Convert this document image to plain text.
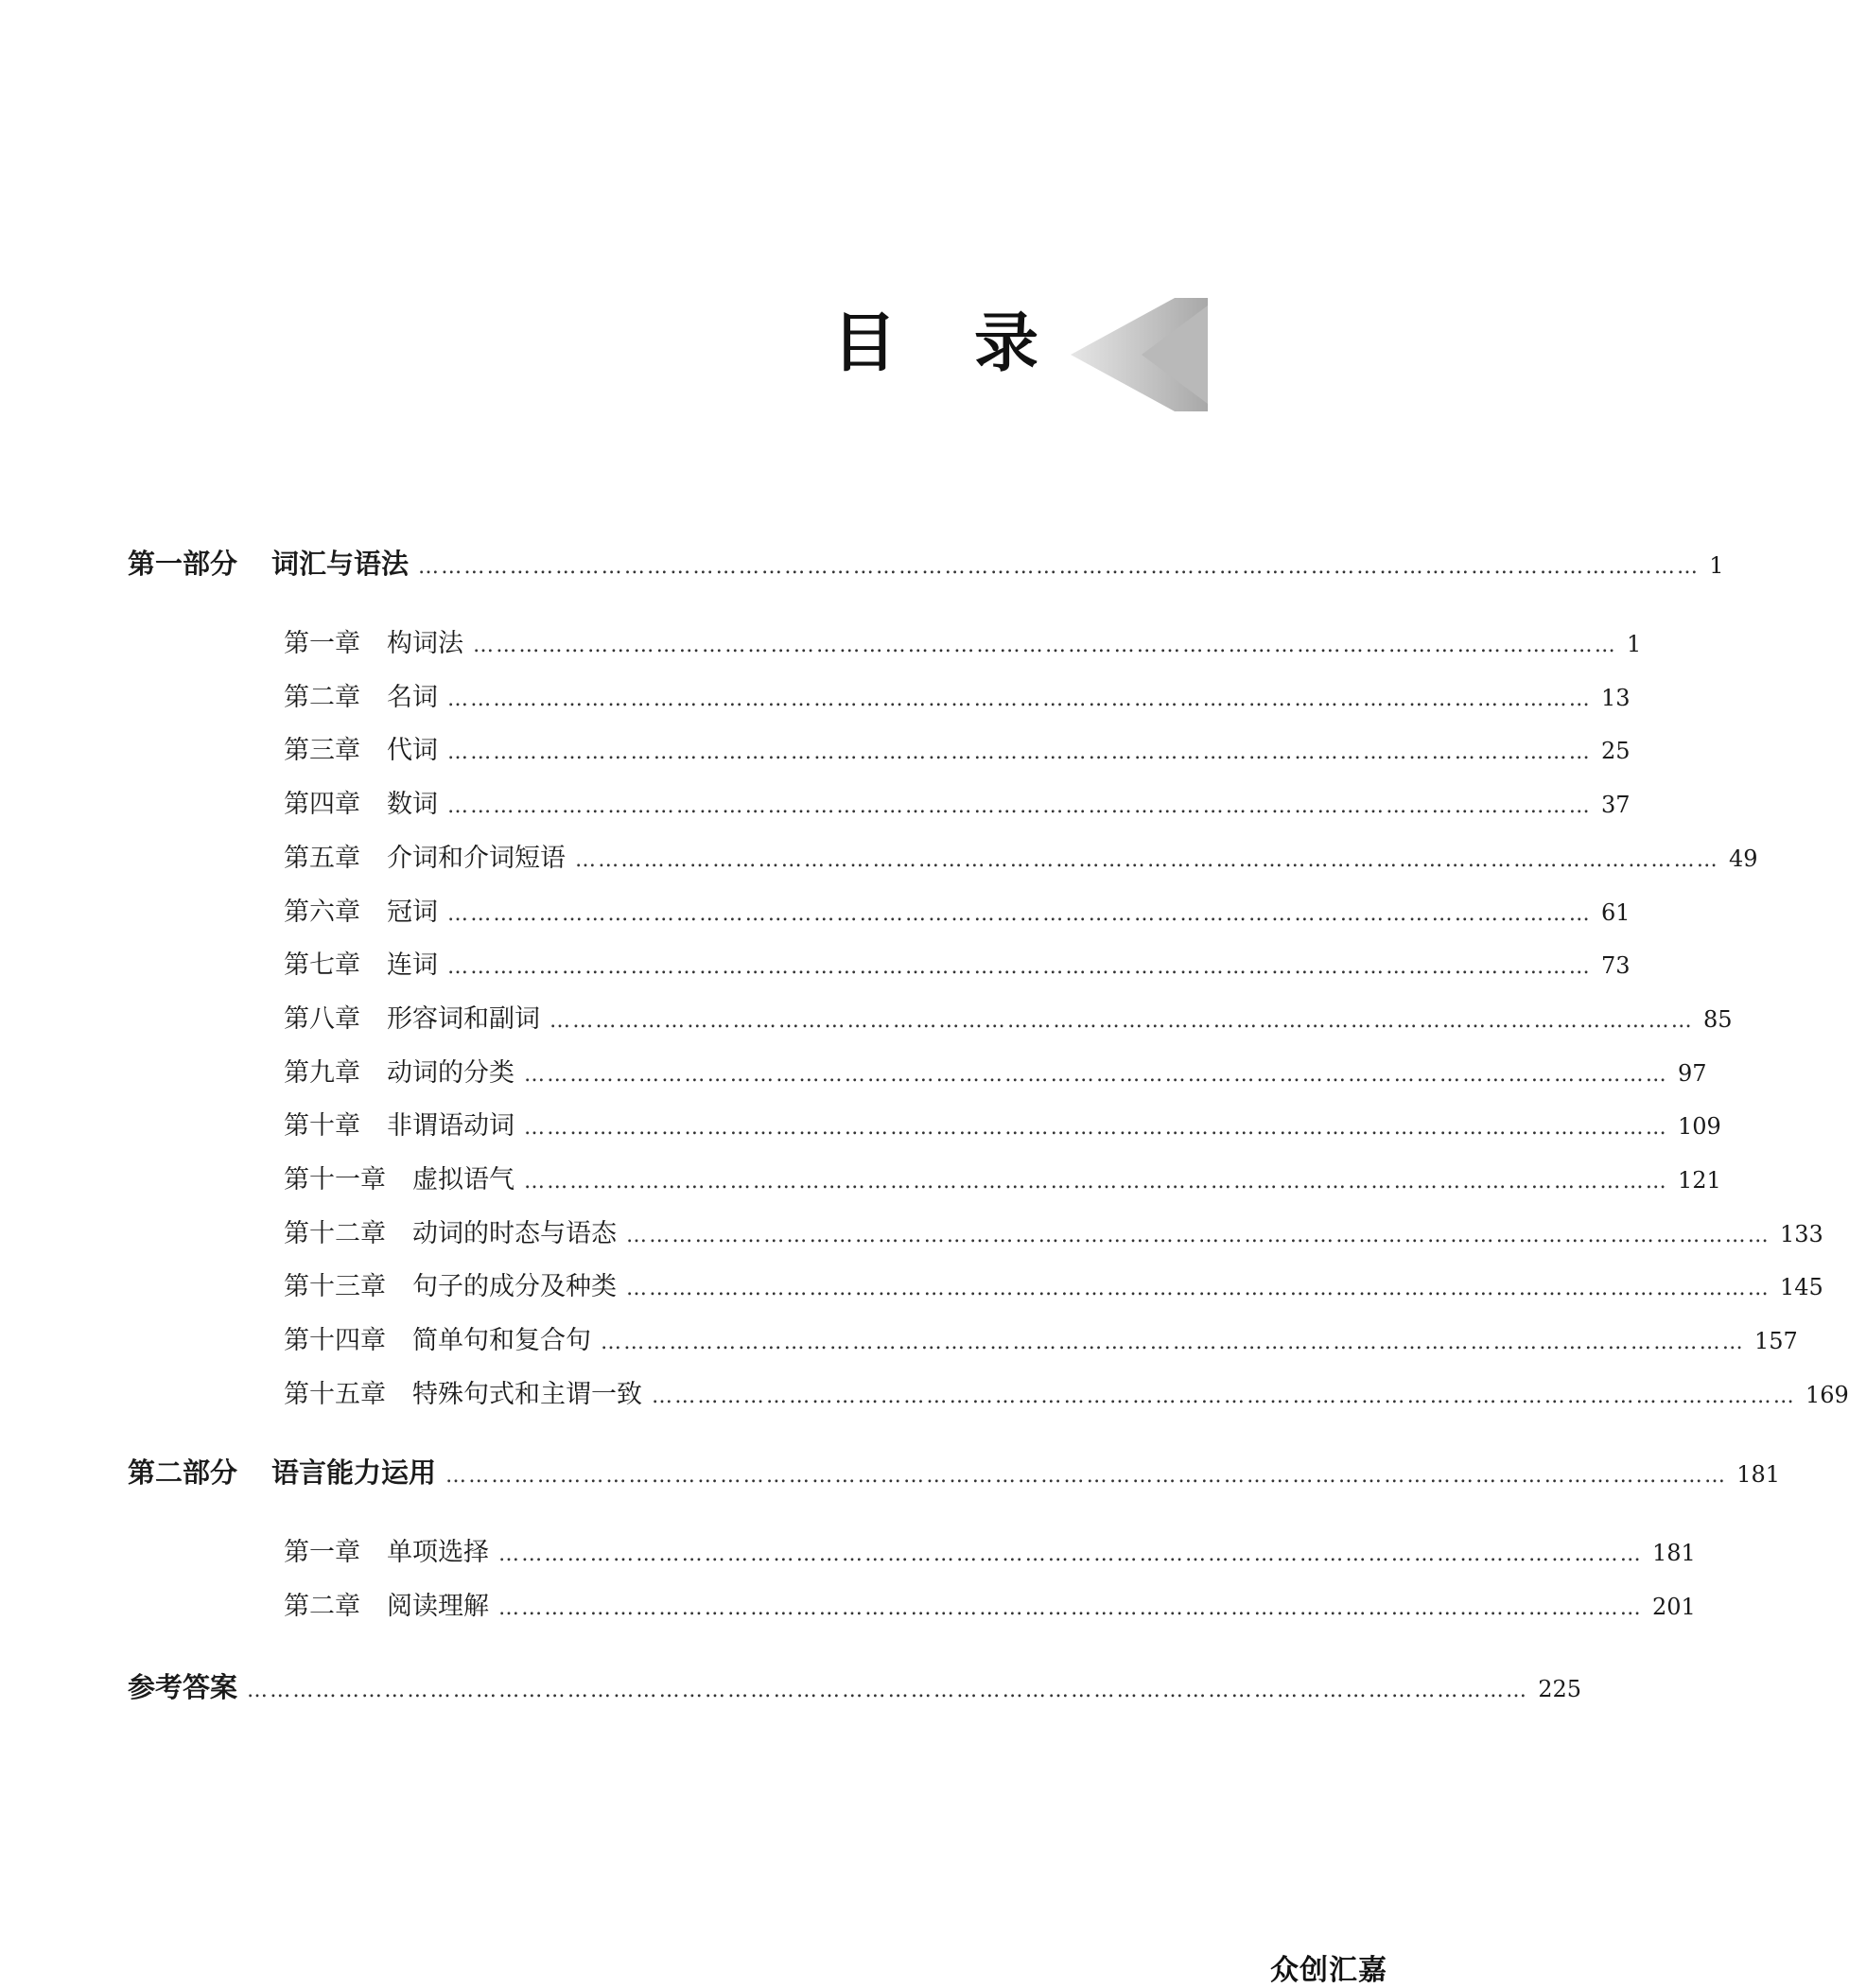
目 录
第一部分 词汇与语法 …………………………………………………………………………………………………………………………………………………… 1
第一章 构词法 …………………………………………………………………………………………………………………………………… 1
第二章 名词 …………………………………………………………………………………………………………………………………… 13
第三章 代词 …………………………………………………………………………………………………………………………………… 25
第四章 数词 …………………………………………………………………………………………………………………………………… 37
第五章 介词和介词短语 …………………………………………………………………………………………………………………………………… 49
第六章 冠词 …………………………………………………………………………………………………………………………………… 61
第七章 连词 …………………………………………………………………………………………………………………………………… 73
第八章 形容词和副词 …………………………………………………………………………………………………………………………………… 85
第九章 动词的分类 …………………………………………………………………………………………………………………………………… 97
第十章 非谓语动词 …………………………………………………………………………………………………………………………………… 109
第十一章 虚拟语气 …………………………………………………………………………………………………………………………………… 121
第十二章 动词的时态与语态 …………………………………………………………………………………………………………………………………… 133
第十三章 句子的成分及种类 …………………………………………………………………………………………………………………………………… 145
第十四章 简单句和复合句 …………………………………………………………………………………………………………………………………… 157
第十五章 特殊句式和主谓一致 …………………………………………………………………………………………………………………………………… 169
第二部分 语言能力运用 …………………………………………………………………………………………………………………………………………………… 181
第一章 单项选择 …………………………………………………………………………………………………………………………………… 181
第二章 阅读理解 …………………………………………………………………………………………………………………………………… 201
参考答案 …………………………………………………………………………………………………………………………………………………… 225
众创汇嘉
